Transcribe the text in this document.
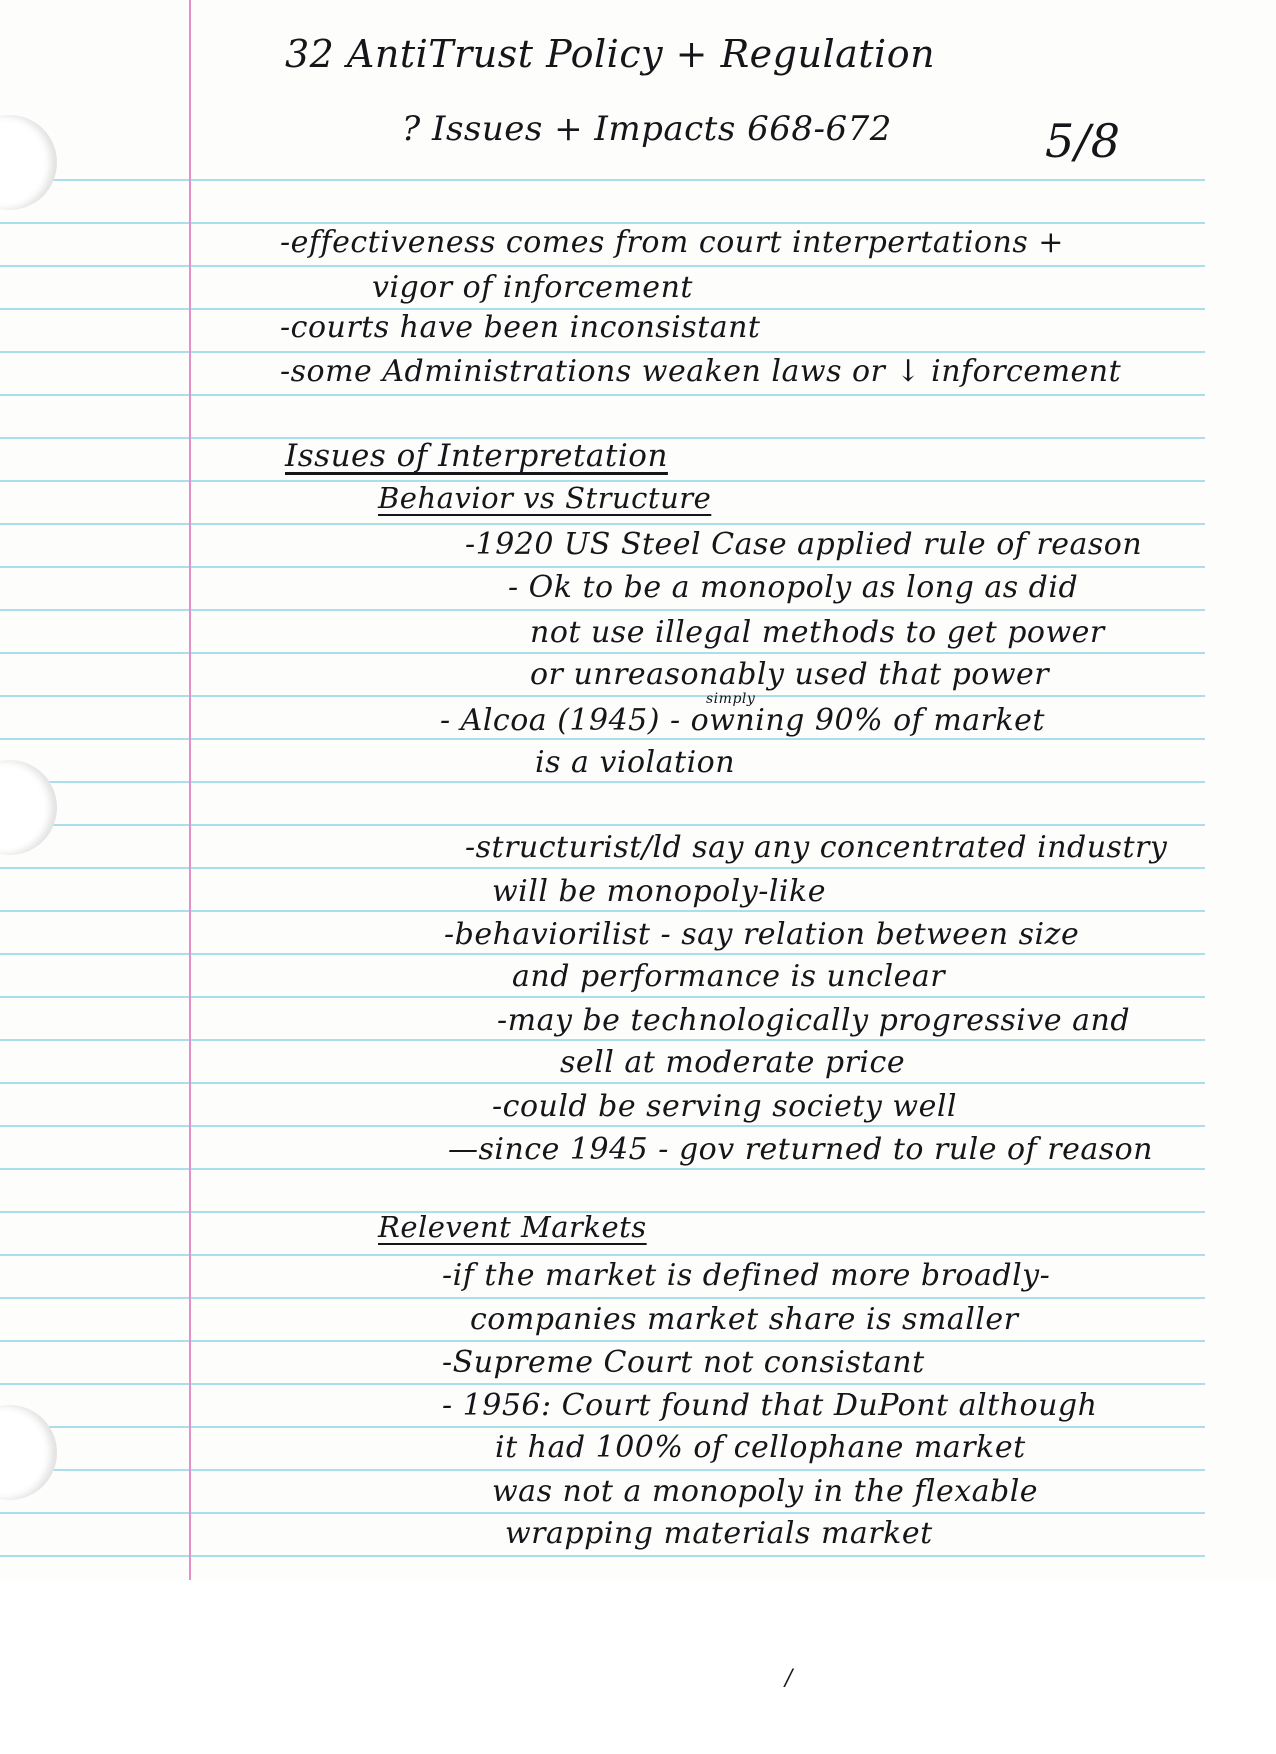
32 AntiTrust Policy + Regulation
? Issues + Impacts 668-672	5/8
-effectiveness comes from court interpertations +
vigor of inforcement
-courts have been inconsistant
-some Administrations weaken laws or ↓ inforcement
Issues of Interpretation
Behavior vs Structure
-1920 US Steel Case applied rule of reason
- Ok to be a monopoly as long as did
not use illegal methods to get power
or unreasonably used that power
simply
- Alcoa (1945) - owning 90% of market
is a violation
-structurist/ld say any concentrated industry
will be monopoly-like
-behaviorilist - say relation between size
and performance is unclear
-may be technologically progressive and
sell at moderate price
-could be serving society well
—since 1945 - gov returned to rule of reason
Relevent Markets
-if the market is defined more broadly-
companies market share is smaller
-Supreme Court not consistant
- 1956: Court found that DuPont although
it had 100% of cellophane market
was not a monopoly in the flexable
wrapping materials market
/
